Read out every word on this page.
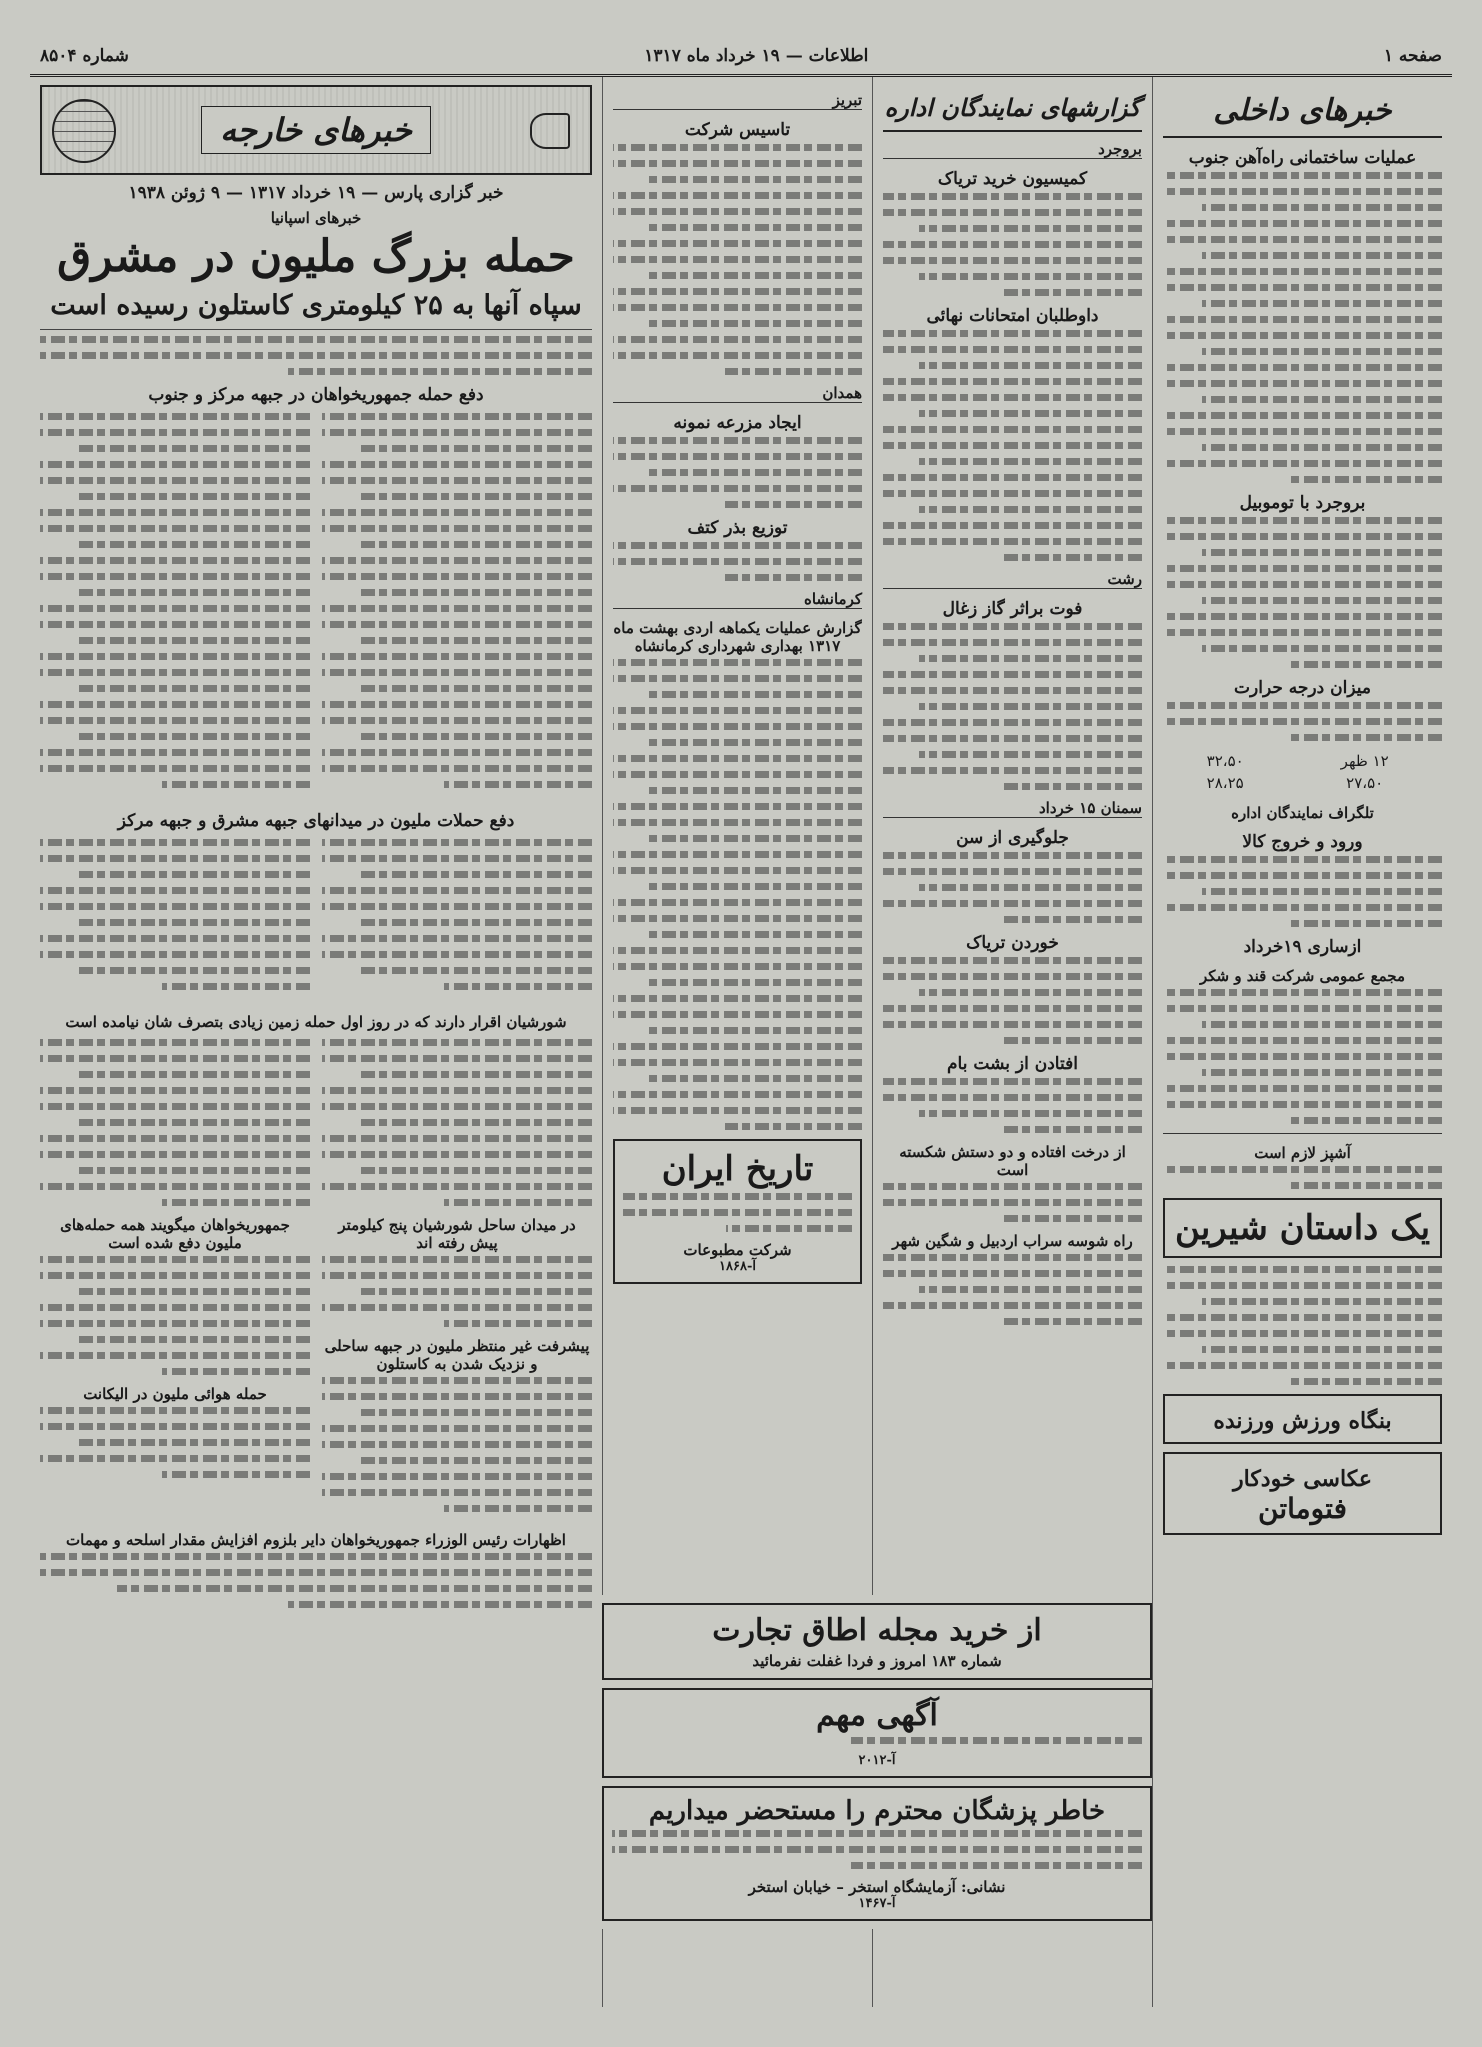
صفحه ۱
اطلاعات — ۱۹ خرداد ماه ۱۳۱۷
شماره ۸۵۰۴
خبرهای داخلی
عملیات ساختمانی راه‌آهن جنوب
بروجرد با توموبیل
میزان درجه حرارت
۱۲ ظهر	۳۲،۵۰
۲۷،۵۰	۲۸،۲۵
تلگراف نمایندگان اداره
ورود و خروج کالا
ازساری ۱۹خرداد
مجمع عمومی شرکت قند و شکر
آشپز لازم است
یک داستان شیرین
بنگاه ورزش ورزنده
عکاسی خودکار
فتوماتن
گزارشهای نمایندگان اداره
بروجرد
کمیسیون خرید تریاک
داوطلبان امتحانات نهائی
رشت
فوت براثر گاز زغال
سمنان ۱۵ خرداد
جلوگیری از سن
خوردن تریاک
افتادن از بشت بام
از درخت افتاده و دو دستش شکسته است
راه شوسه سراب اردبیل و شگین شهر
تبریز
تاسیس شرکت
همدان
ایجاد مزرعه نمونه
توزیع بذر کتف
کرمانشاه
گزارش عملیات یکماهه اردی بهشت ماه ۱۳۱۷ بهداری شهرداری کرمانشاه
تاریخ ایران
شرکت مطبوعات
آ-۱۸۶۸
خبرهای خارجه
خبر گزاری پارس — ۱۹ خرداد ۱۳۱۷ — ۹ ژوئن ۱۹۳۸
خبرهای اسپانیا
حمله بزرگ ملیون در مشرق
سپاه آنها به ۲۵ کیلومتری کاستلون رسیده است
دفع حمله جمهوریخواهان در جبهه مرکز و جنوب
دفع حملات ملیون در میدانهای جبهه مشرق و جبهه مرکز
شورشیان اقرار دارند که در روز اول حمله زمین زیادی بتصرف شان نیامده است
در میدان ساحل شورشیان پنج کیلومتر پیش رفته اند
پیشرفت غیر منتظر ملیون در جبهه ساحلی و نزدیک شدن به کاستلون
جمهوریخواهان میگویند همه حمله‌های ملیون دفع شده است
حمله هوائی ملیون در الیکانت
اظهارات رئیس الوزراء جمهوریخواهان دایر بلزوم افزایش مقدار اسلحه و مهمات
از خرید مجله اطاق تجارت
شماره ۱۸۳ امروز و فردا غفلت نفرمائید
آگهی مهم
آ-۲۰۱۲
خاطر پزشگان محترم را مستحضر میداریم
نشانی: آزمایشگاه استخر – خیابان استخر
آ-۱۴۶۷
